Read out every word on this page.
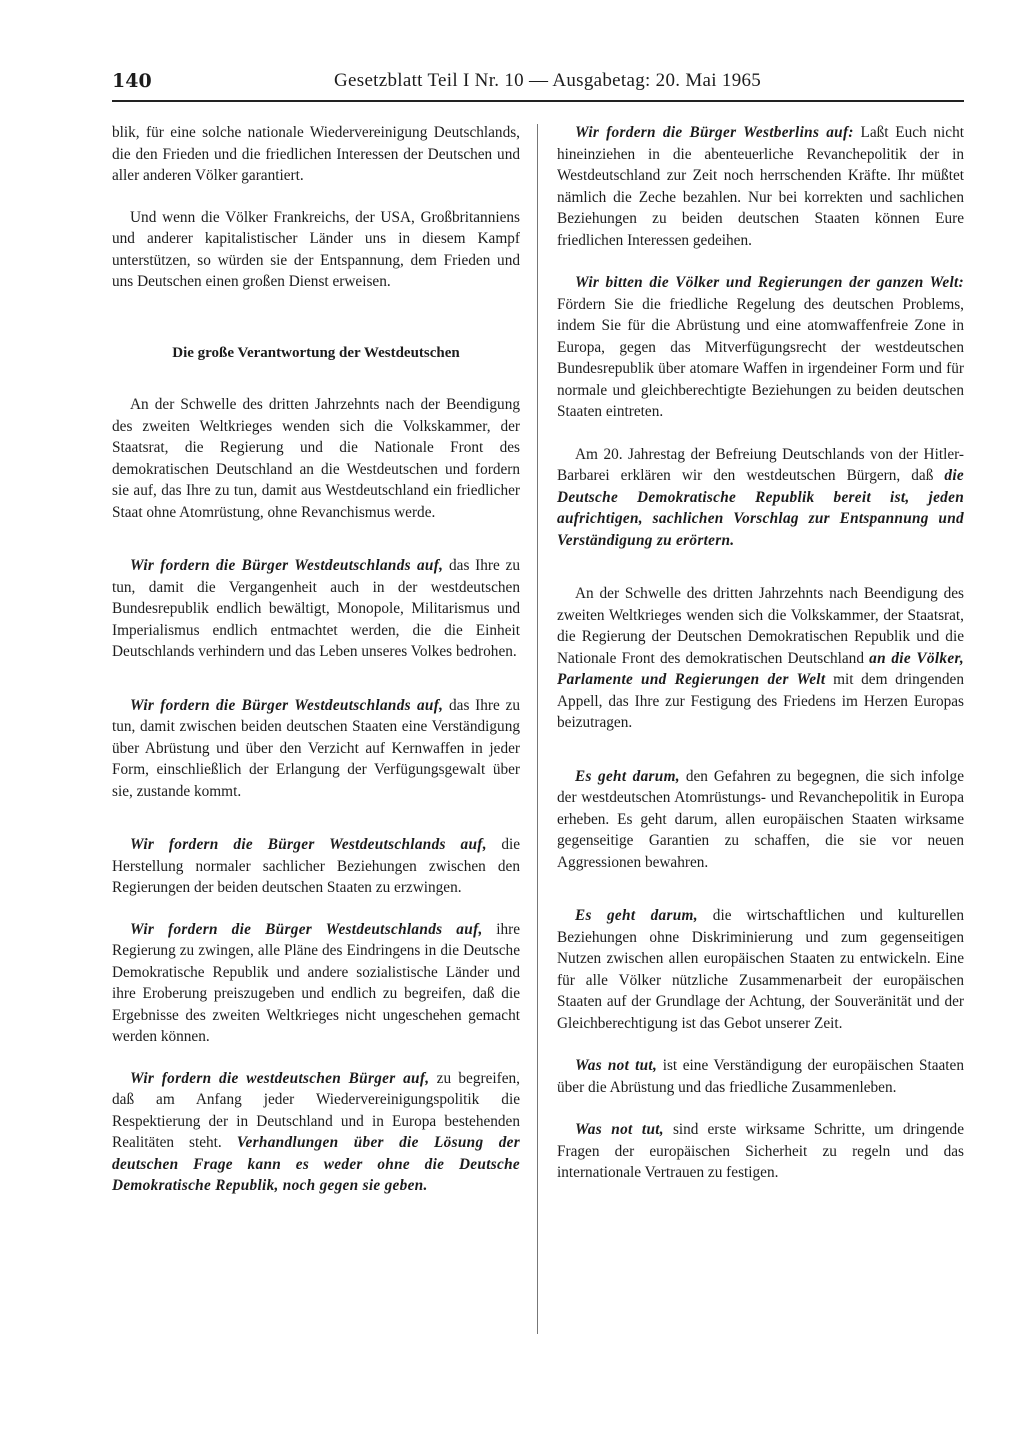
140	Gesetzblatt Teil I Nr. 10 — Ausgabetag: 20. Mai 1965

blik, für eine solche nationale Wiedervereinigung Deutschlands, die den Frieden und die friedlichen Interessen der Deutschen und aller anderen Völker garantiert.

Und wenn die Völker Frankreichs, der USA, Großbritanniens und anderer kapitalistischer Länder uns in diesem Kampf unterstützen, so würden sie der Entspannung, dem Frieden und uns Deutschen einen großen Dienst erweisen.

Die große Verantwortung der Westdeutschen

An der Schwelle des dritten Jahrzehnts nach der Beendigung des zweiten Weltkrieges wenden sich die Volkskammer, der Staatsrat, die Regierung und die Nationale Front des demokratischen Deutschland an die Westdeutschen und fordern sie auf, das Ihre zu tun, damit aus Westdeutschland ein friedlicher Staat ohne Atomrüstung, ohne Revanchismus werde.

Wir fordern die Bürger Westdeutschlands auf, das Ihre zu tun, damit die Vergangenheit auch in der westdeutschen Bundesrepublik endlich bewältigt, Monopole, Militarismus und Imperialismus endlich entmachtet werden, die die Einheit Deutschlands verhindern und das Leben unseres Volkes bedrohen.

Wir fordern die Bürger Westdeutschlands auf, das Ihre zu tun, damit zwischen beiden deutschen Staaten eine Verständigung über Abrüstung und über den Verzicht auf Kernwaffen in jeder Form, einschließlich der Erlangung der Verfügungsgewalt über sie, zustande kommt.

Wir fordern die Bürger Westdeutschlands auf, die Herstellung normaler sachlicher Beziehungen zwischen den Regierungen der beiden deutschen Staaten zu erzwingen.

Wir fordern die Bürger Westdeutschlands auf, ihre Regierung zu zwingen, alle Pläne des Eindringens in die Deutsche Demokratische Republik und andere sozialistische Länder und ihre Eroberung preiszugeben und endlich zu begreifen, daß die Ergebnisse des zweiten Weltkrieges nicht ungeschehen gemacht werden können.

Wir fordern die westdeutschen Bürger auf, zu begreifen, daß am Anfang jeder Wiedervereinigungspolitik die Respektierung der in Deutschland und in Europa bestehenden Realitäten steht. Verhandlungen über die Lösung der deutschen Frage kann es weder ohne die Deutsche Demokratische Republik, noch gegen sie geben.

Wir fordern die Bürger Westberlins auf: Laßt Euch nicht hineinziehen in die abenteuerliche Revanchepolitik der in Westdeutschland zur Zeit noch herrschenden Kräfte. Ihr müßtet nämlich die Zeche bezahlen. Nur bei korrekten und sachlichen Beziehungen zu beiden deutschen Staaten können Eure friedlichen Interessen gedeihen.

Wir bitten die Völker und Regierungen der ganzen Welt: Fördern Sie die friedliche Regelung des deutschen Problems, indem Sie für die Abrüstung und eine atomwaffenfreie Zone in Europa, gegen das Mitverfügungsrecht der westdeutschen Bundesrepublik über atomare Waffen in irgendeiner Form und für normale und gleichberechtigte Beziehungen zu beiden deutschen Staaten eintreten.

Am 20. Jahrestag der Befreiung Deutschlands von der Hitler-Barbarei erklären wir den westdeutschen Bürgern, daß die Deutsche Demokratische Republik bereit ist, jeden aufrichtigen, sachlichen Vorschlag zur Entspannung und Verständigung zu erörtern.

An der Schwelle des dritten Jahrzehnts nach Beendigung des zweiten Weltkrieges wenden sich die Volkskammer, der Staatsrat, die Regierung der Deutschen Demokratischen Republik und die Nationale Front des demokratischen Deutschland an die Völker, Parlamente und Regierungen der Welt mit dem dringenden Appell, das Ihre zur Festigung des Friedens im Herzen Europas beizutragen.

Es geht darum, den Gefahren zu begegnen, die sich infolge der westdeutschen Atomrüstungs- und Revanchepolitik in Europa erheben. Es geht darum, allen europäischen Staaten wirksame gegenseitige Garantien zu schaffen, die sie vor neuen Aggressionen bewahren.

Es geht darum, die wirtschaftlichen und kulturellen Beziehungen ohne Diskriminierung und zum gegenseitigen Nutzen zwischen allen europäischen Staaten zu entwickeln. Eine für alle Völker nützliche Zusammenarbeit der europäischen Staaten auf der Grundlage der Achtung, der Souveränität und der Gleichberechtigung ist das Gebot unserer Zeit.

Was not tut, ist eine Verständigung der europäischen Staaten über die Abrüstung und das friedliche Zusammenleben.

Was not tut, sind erste wirksame Schritte, um dringende Fragen der europäischen Sicherheit zu regeln und das internationale Vertrauen zu festigen.
